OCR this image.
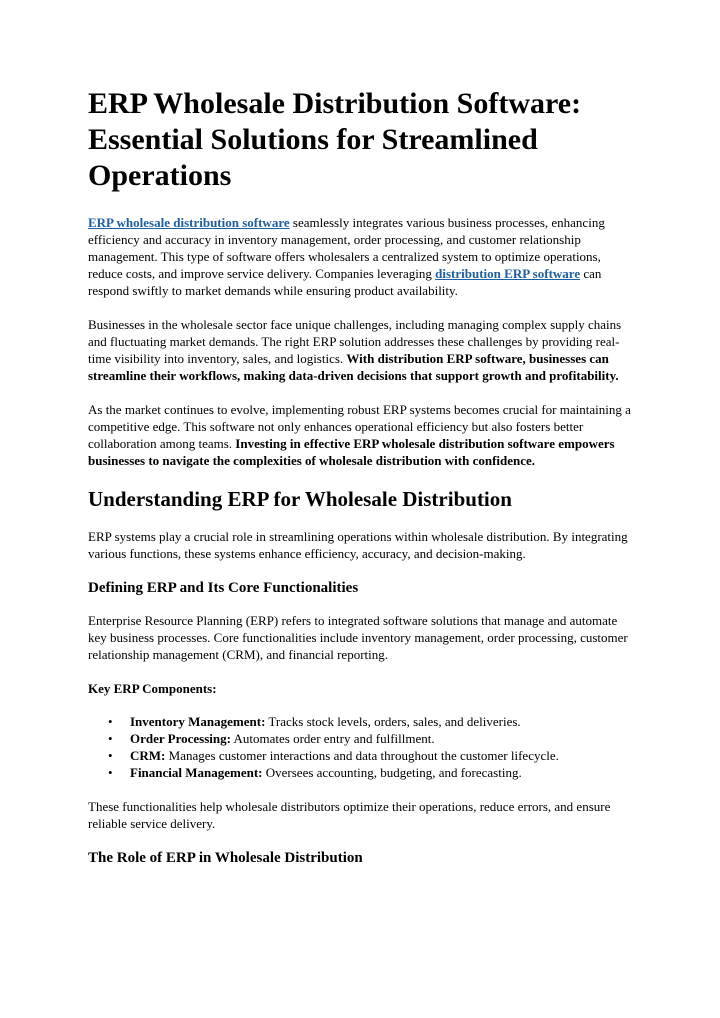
ERP Wholesale Distribution Software: Essential Solutions for Streamlined Operations

ERP wholesale distribution software seamlessly integrates various business processes, enhancing efficiency and accuracy in inventory management, order processing, and customer relationship management. This type of software offers wholesalers a centralized system to optimize operations, reduce costs, and improve service delivery. Companies leveraging distribution ERP software can respond swiftly to market demands while ensuring product availability.

Businesses in the wholesale sector face unique challenges, including managing complex supply chains and fluctuating market demands. The right ERP solution addresses these challenges by providing real-time visibility into inventory, sales, and logistics. With distribution ERP software, businesses can streamline their workflows, making data-driven decisions that support growth and profitability.

As the market continues to evolve, implementing robust ERP systems becomes crucial for maintaining a competitive edge. This software not only enhances operational efficiency but also fosters better collaboration among teams. Investing in effective ERP wholesale distribution software empowers businesses to navigate the complexities of wholesale distribution with confidence.

Understanding ERP for Wholesale Distribution

ERP systems play a crucial role in streamlining operations within wholesale distribution. By integrating various functions, these systems enhance efficiency, accuracy, and decision-making.

Defining ERP and Its Core Functionalities

Enterprise Resource Planning (ERP) refers to integrated software solutions that manage and automate key business processes. Core functionalities include inventory management, order processing, customer relationship management (CRM), and financial reporting.

Key ERP Components:
• Inventory Management: Tracks stock levels, orders, sales, and deliveries.
• Order Processing: Automates order entry and fulfillment.
• CRM: Manages customer interactions and data throughout the customer lifecycle.
• Financial Management: Oversees accounting, budgeting, and forecasting.

These functionalities help wholesale distributors optimize their operations, reduce errors, and ensure reliable service delivery.

The Role of ERP in Wholesale Distribution
